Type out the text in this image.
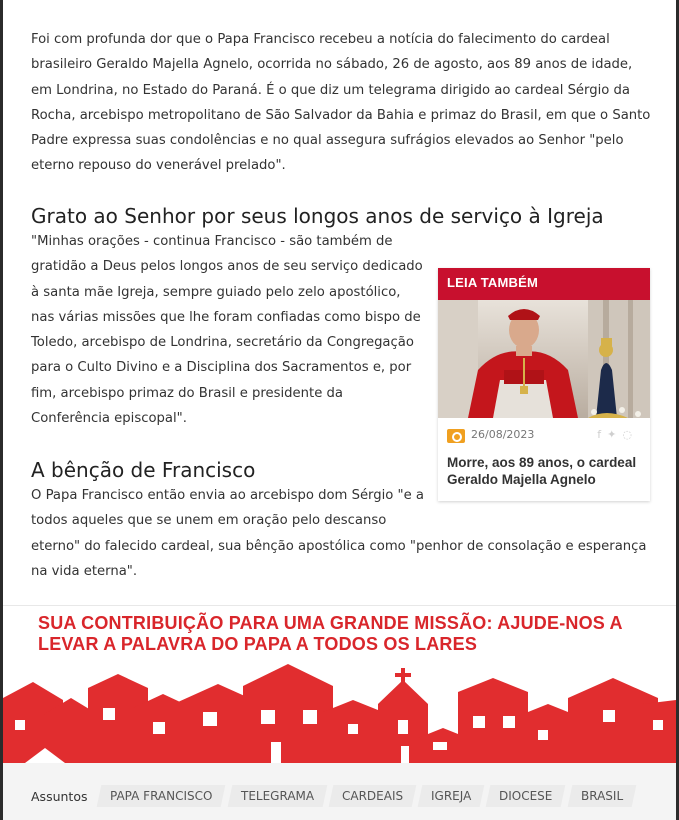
Foi com profunda dor que o Papa Francisco recebeu a notícia do falecimento do cardeal brasileiro Geraldo Majella Agnelo, ocorrida no sábado, 26 de agosto, aos 89 anos de idade, em Londrina, no Estado do Paraná. É o que diz um telegrama dirigido ao cardeal Sérgio da Rocha, arcebispo metropolitano de São Salvador da Bahia e primaz do Brasil, em que o Santo Padre expressa suas condolências e no qual assegura sufrágios elevados ao Senhor "pelo eterno repouso do venerável prelado".

Grato ao Senhor por seus longos anos de serviço à Igreja

"Minhas orações - continua Francisco - são também de gratidão a Deus pelos longos anos de seu serviço dedicado à santa mãe Igreja, sempre guiado pelo zelo apostólico, nas várias missões que lhe foram confiadas como bispo de Toledo, arcebispo de Londrina, secretário da Congregação para o Culto Divino e a Disciplina dos Sacramentos e, por fim, arcebispo primaz do Brasil e presidente da Conferência episcopal".

A bênção de Francisco

O Papa Francisco então envia ao arcebispo dom Sérgio "e a todos aqueles que se unem em oração pelo descanso

eterno" do falecido cardeal, sua bênção apostólica como "penhor de consolação e esperança na vida eterna".

LEIA TAMBÉM
26/08/2023	f✦◌
Morre, aos 89 anos, o cardeal Geraldo Majella Agnelo
SUA CONTRIBUIÇÃO PARA UMA GRANDE MISSÃO: AJUDE-NOS A LEVAR A PALAVRA DO PAPA A TODOS OS LARES
Assuntos	PAPA FRANCISCO	TELEGRAMA	CARDEAIS	IGREJA	DIOCESE	BRASIL
